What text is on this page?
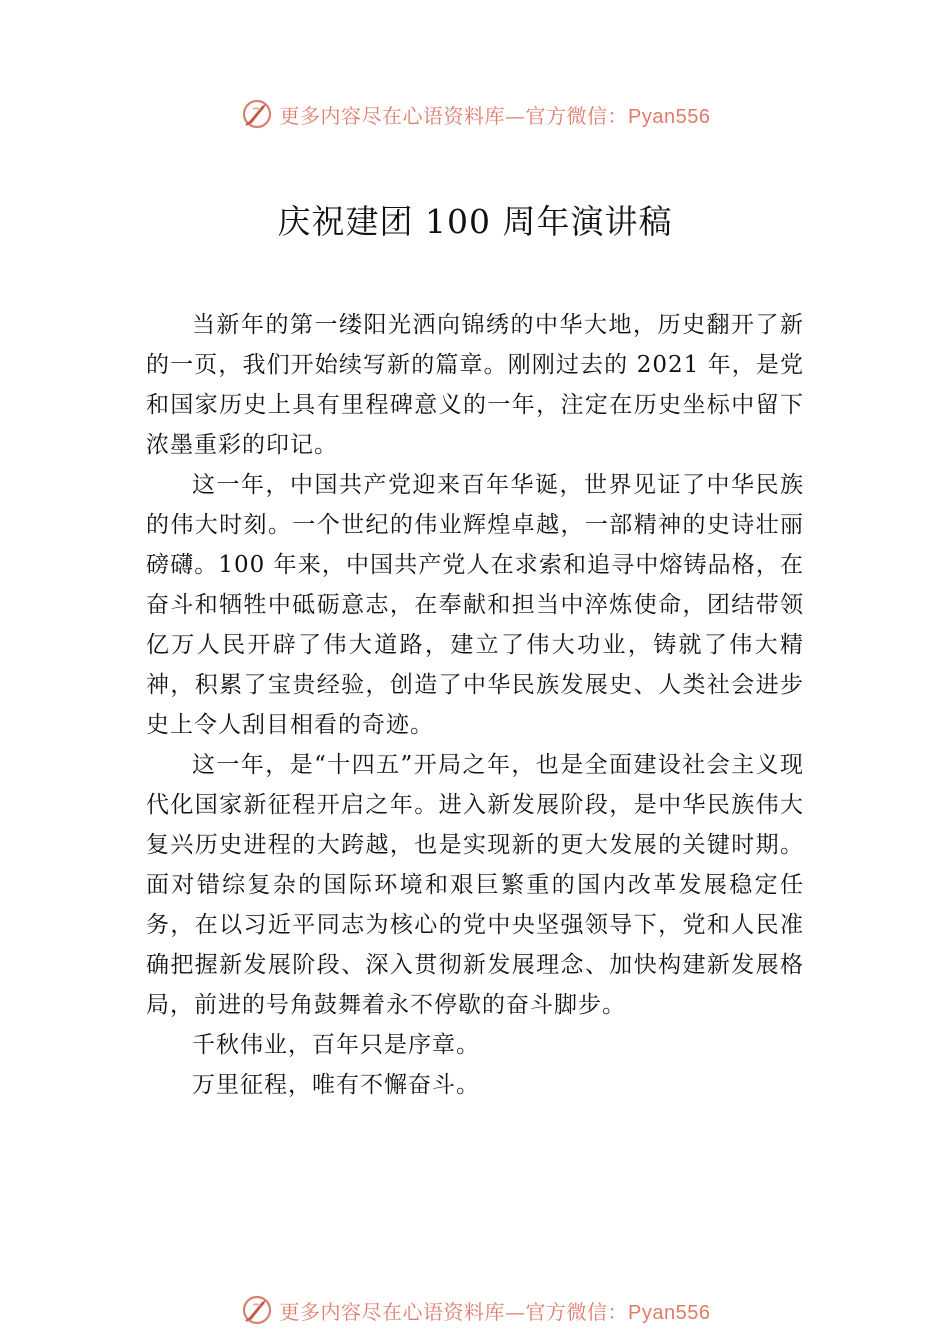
更多内容尽在心语资料库—官方微信：Pyan556
庆祝建团 100 周年演讲稿

当新年的第一缕阳光洒向锦绣的中华大地，历史翻开了新的一页，我们开始续写新的篇章。刚刚过去的 2021 年，是党和国家历史上具有里程碑意义的一年，注定在历史坐标中留下浓墨重彩的印记。

这一年，中国共产党迎来百年华诞，世界见证了中华民族的伟大时刻。一个世纪的伟业辉煌卓越，一部精神的史诗壮丽磅礴。100 年来，中国共产党人在求索和追寻中熔铸品格，在奋斗和牺牲中砥砺意志，在奉献和担当中淬炼使命，团结带领亿万人民开辟了伟大道路，建立了伟大功业，铸就了伟大精神，积累了宝贵经验，创造了中华民族发展史、人类社会进步史上令人刮目相看的奇迹。

这一年，是“十四五”开局之年，也是全面建设社会主义现代化国家新征程开启之年。进入新发展阶段，是中华民族伟大复兴历史进程的大跨越，也是实现新的更大发展的关键时期。面对错综复杂的国际环境和艰巨繁重的国内改革发展稳定任务，在以习近平同志为核心的党中央坚强领导下，党和人民准确把握新发展阶段、深入贯彻新发展理念、加快构建新发展格局，前进的号角鼓舞着永不停歇的奋斗脚步。

千秋伟业，百年只是序章。

万里征程，唯有不懈奋斗。

更多内容尽在心语资料库—官方微信：Pyan556
